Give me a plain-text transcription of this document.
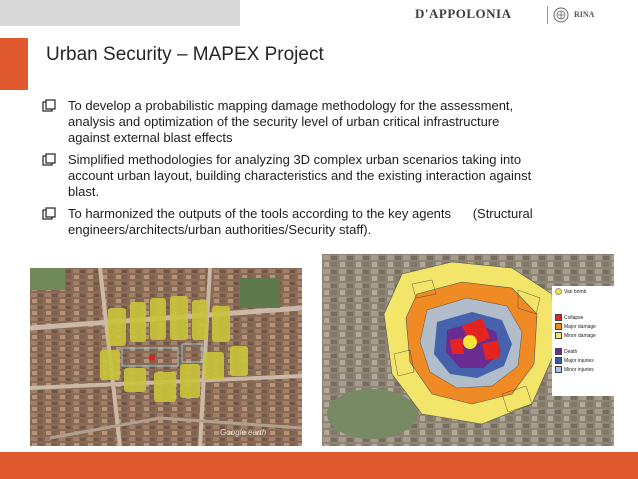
D'APPOLONIA	RINA
Urban Security – MAPEX Project
To develop a probabilistic mapping damage methodology for the assessment,
analysis and optimization of the security level of urban critical infrastructure
against external blast effects
Simplified methodologies for analyzing 3D complex urban scenarios taking into
account urban layout, building characteristics and the existing interaction against
blast.
To harmonized the outputs of the tools according to the key agents      (Structural
engineers/architects/urban authorities/Security staff).
Google earth
Van bomb
Collapse
Major damage
Minor damage
Death
Major injuries
Minor injuries
